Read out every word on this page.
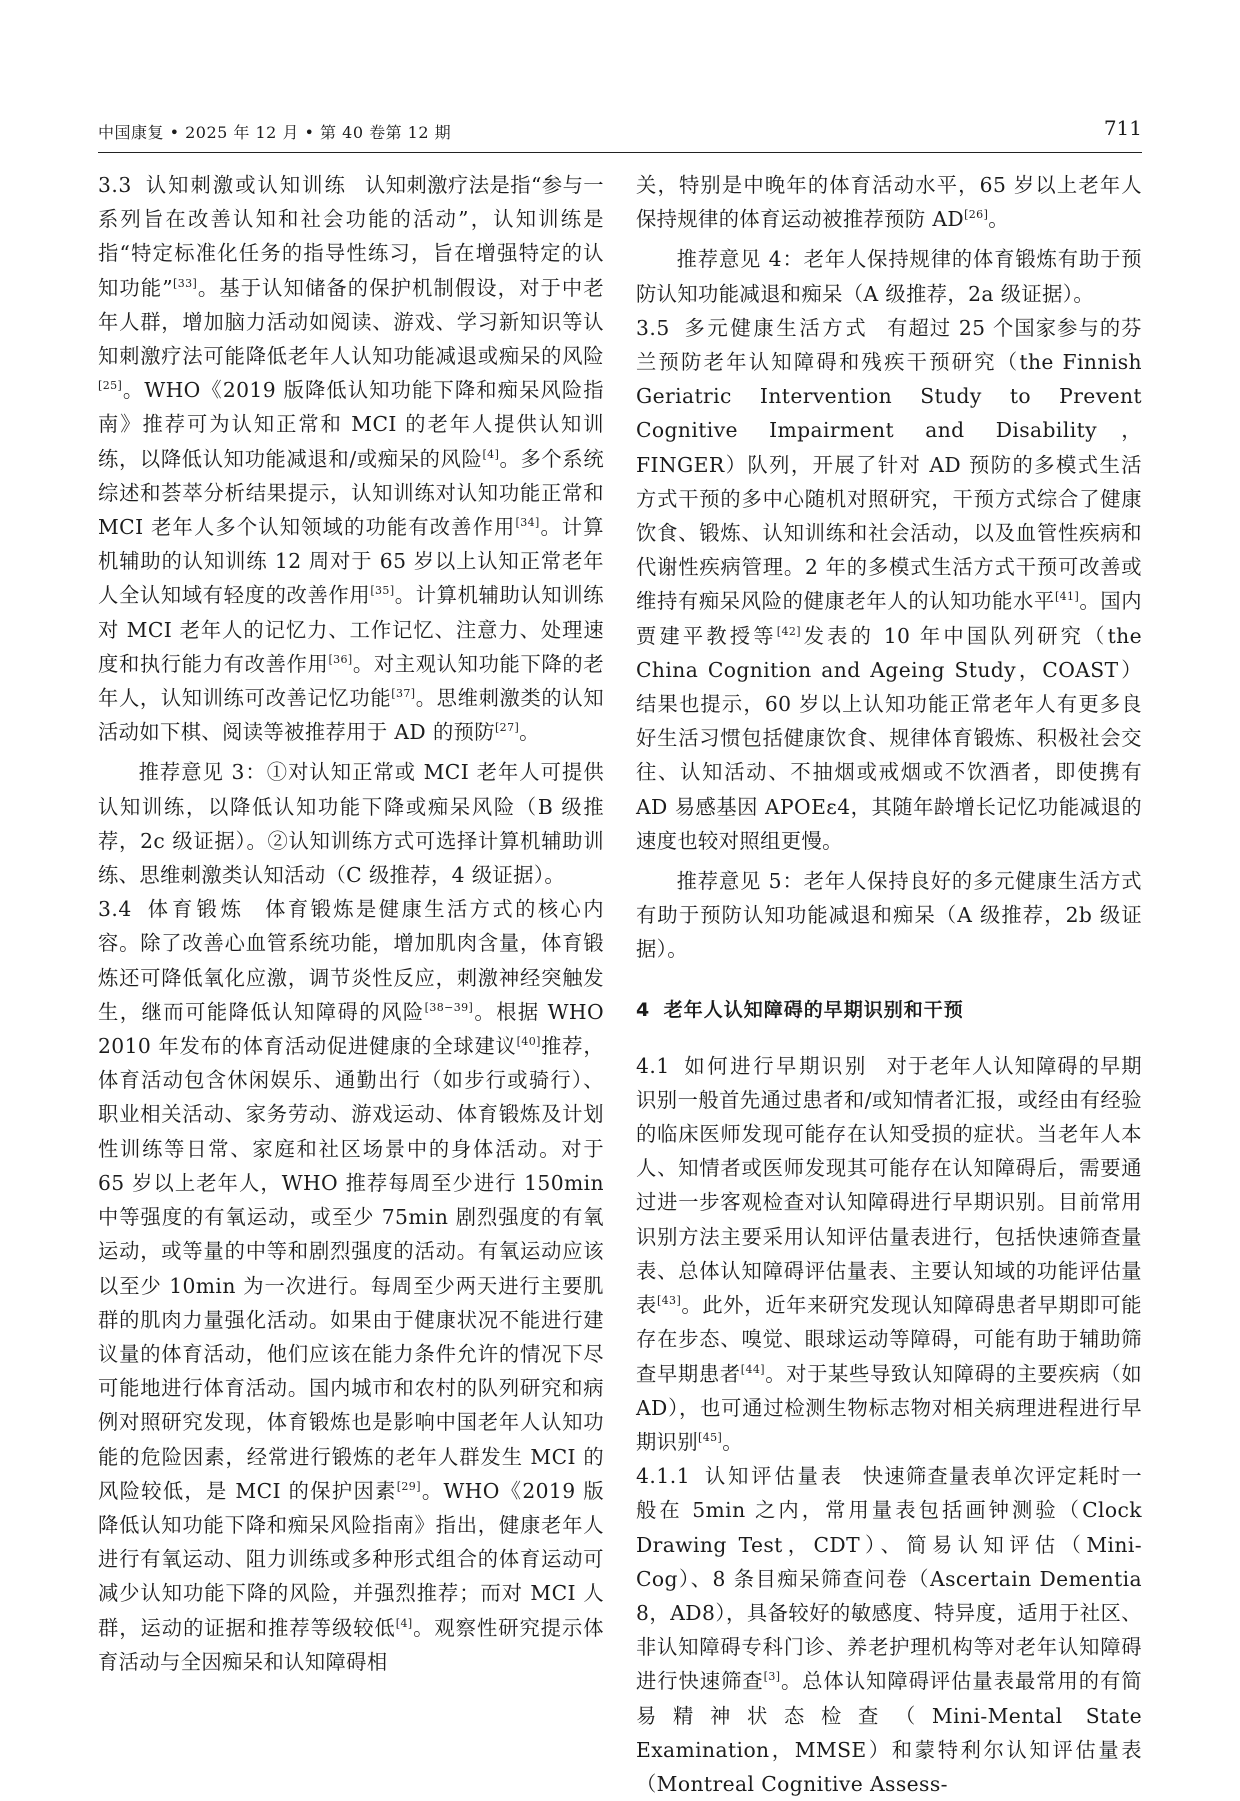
中国康复 • 2025 年 12 月 • 第 40 卷第 12 期	711

3.3 认知刺激或认知训练 认知刺激疗法是指“参与一系列旨在改善认知和社会功能的活动”，认知训练是指“特定标准化任务的指导性练习，旨在增强特定的认知功能”[33]。基于认知储备的保护机制假设，对于中老年人群，增加脑力活动如阅读、游戏、学习新知识等认知刺激疗法可能降低老年人认知功能减退或痴呆的风险[25]。WHO《2019 版降低认知功能下降和痴呆风险指南》推荐可为认知正常和 MCI 的老年人提供认知训练，以降低认知功能减退和/或痴呆的风险[4]。多个系统综述和荟萃分析结果提示，认知训练对认知功能正常和 MCI 老年人多个认知领域的功能有改善作用[34]。计算机辅助的认知训练 12 周对于 65 岁以上认知正常老年人全认知域有轻度的改善作用[35]。计算机辅助认知训练对 MCI 老年人的记忆力、工作记忆、注意力、处理速度和执行能力有改善作用[36]。对主观认知功能下降的老年人，认知训练可改善记忆功能[37]。思维刺激类的认知活动如下棋、阅读等被推荐用于 AD 的预防[27]。

推荐意见 3：①对认知正常或 MCI 老年人可提供认知训练，以降低认知功能下降或痴呆风险（B 级推荐，2c 级证据）。②认知训练方式可选择计算机辅助训练、思维刺激类认知活动（C 级推荐，4 级证据）。

3.4 体育锻炼 体育锻炼是健康生活方式的核心内容。除了改善心血管系统功能，增加肌肉含量，体育锻炼还可降低氧化应激，调节炎性反应，刺激神经突触发生，继而可能降低认知障碍的风险[38−39]。根据 WHO 2010 年发布的体育活动促进健康的全球建议[40]推荐，体育活动包含休闲娱乐、通勤出行（如步行或骑行）、职业相关活动、家务劳动、游戏运动、体育锻炼及计划性训练等日常、家庭和社区场景中的身体活动。对于 65 岁以上老年人，WHO 推荐每周至少进行 150min 中等强度的有氧运动，或至少 75min 剧烈强度的有氧运动，或等量的中等和剧烈强度的活动。有氧运动应该以至少 10min 为一次进行。每周至少两天进行主要肌群的肌肉力量强化活动。如果由于健康状况不能进行建议量的体育活动，他们应该在能力条件允许的情况下尽可能地进行体育活动。国内城市和农村的队列研究和病例对照研究发现，体育锻炼也是影响中国老年人认知功能的危险因素，经常进行锻炼的老年人群发生 MCI 的风险较低，是 MCI 的保护因素[29]。WHO《2019 版降低认知功能下降和痴呆风险指南》指出，健康老年人进行有氧运动、阻力训练或多种形式组合的体育运动可减少认知功能下降的风险，并强烈推荐；而对 MCI 人群，运动的证据和推荐等级较低[4]。观察性研究提示体育活动与全因痴呆和认知障碍相

关，特别是中晚年的体育活动水平，65 岁以上老年人保持规律的体育运动被推荐预防 AD[26]。

推荐意见 4：老年人保持规律的体育锻炼有助于预防认知功能减退和痴呆（A 级推荐，2a 级证据）。

3.5 多元健康生活方式 有超过 25 个国家参与的芬兰预防老年认知障碍和残疾干预研究（the Finnish Geriatric Intervention Study to Prevent Cognitive Impairment and Disability，FINGER）队列，开展了针对 AD 预防的多模式生活方式干预的多中心随机对照研究，干预方式综合了健康饮食、锻炼、认知训练和社会活动，以及血管性疾病和代谢性疾病管理。2 年的多模式生活方式干预可改善或维持有痴呆风险的健康老年人的认知功能水平[41]。国内贾建平教授等[42]发表的 10 年中国队列研究（the China Cognition and Ageing Study，COAST）结果也提示，60 岁以上认知功能正常老年人有更多良好生活习惯包括健康饮食、规律体育锻炼、积极社会交往、认知活动、不抽烟或戒烟或不饮酒者，即使携有 AD 易感基因 APOEε4，其随年龄增长记忆功能减退的速度也较对照组更慢。

推荐意见 5：老年人保持良好的多元健康生活方式有助于预防认知功能减退和痴呆（A 级推荐，2b 级证据）。

4 老年人认知障碍的早期识别和干预

4.1 如何进行早期识别 对于老年人认知障碍的早期识别一般首先通过患者和/或知情者汇报，或经由有经验的临床医师发现可能存在认知受损的症状。当老年人本人、知情者或医师发现其可能存在认知障碍后，需要通过进一步客观检查对认知障碍进行早期识别。目前常用识别方法主要采用认知评估量表进行，包括快速筛查量表、总体认知障碍评估量表、主要认知域的功能评估量表[43]。此外，近年来研究发现认知障碍患者早期即可能存在步态、嗅觉、眼球运动等障碍，可能有助于辅助筛查早期患者[44]。对于某些导致认知障碍的主要疾病（如 AD），也可通过检测生物标志物对相关病理进程进行早期识别[45]。

4.1.1 认知评估量表 快速筛查量表单次评定耗时一般在 5min 之内，常用量表包括画钟测验（Clock Drawing Test，CDT）、简易认知评估（Mini-Cog）、8 条目痴呆筛查问卷（Ascertain Dementia 8，AD8），具备较好的敏感度、特异度，适用于社区、非认知障碍专科门诊、养老护理机构等对老年认知障碍进行快速筛查[3]。总体认知障碍评估量表最常用的有简易精神状态检查（Mini-Mental State Examination，MMSE）和蒙特利尔认知评估量表（Montreal Cognitive Assess-
